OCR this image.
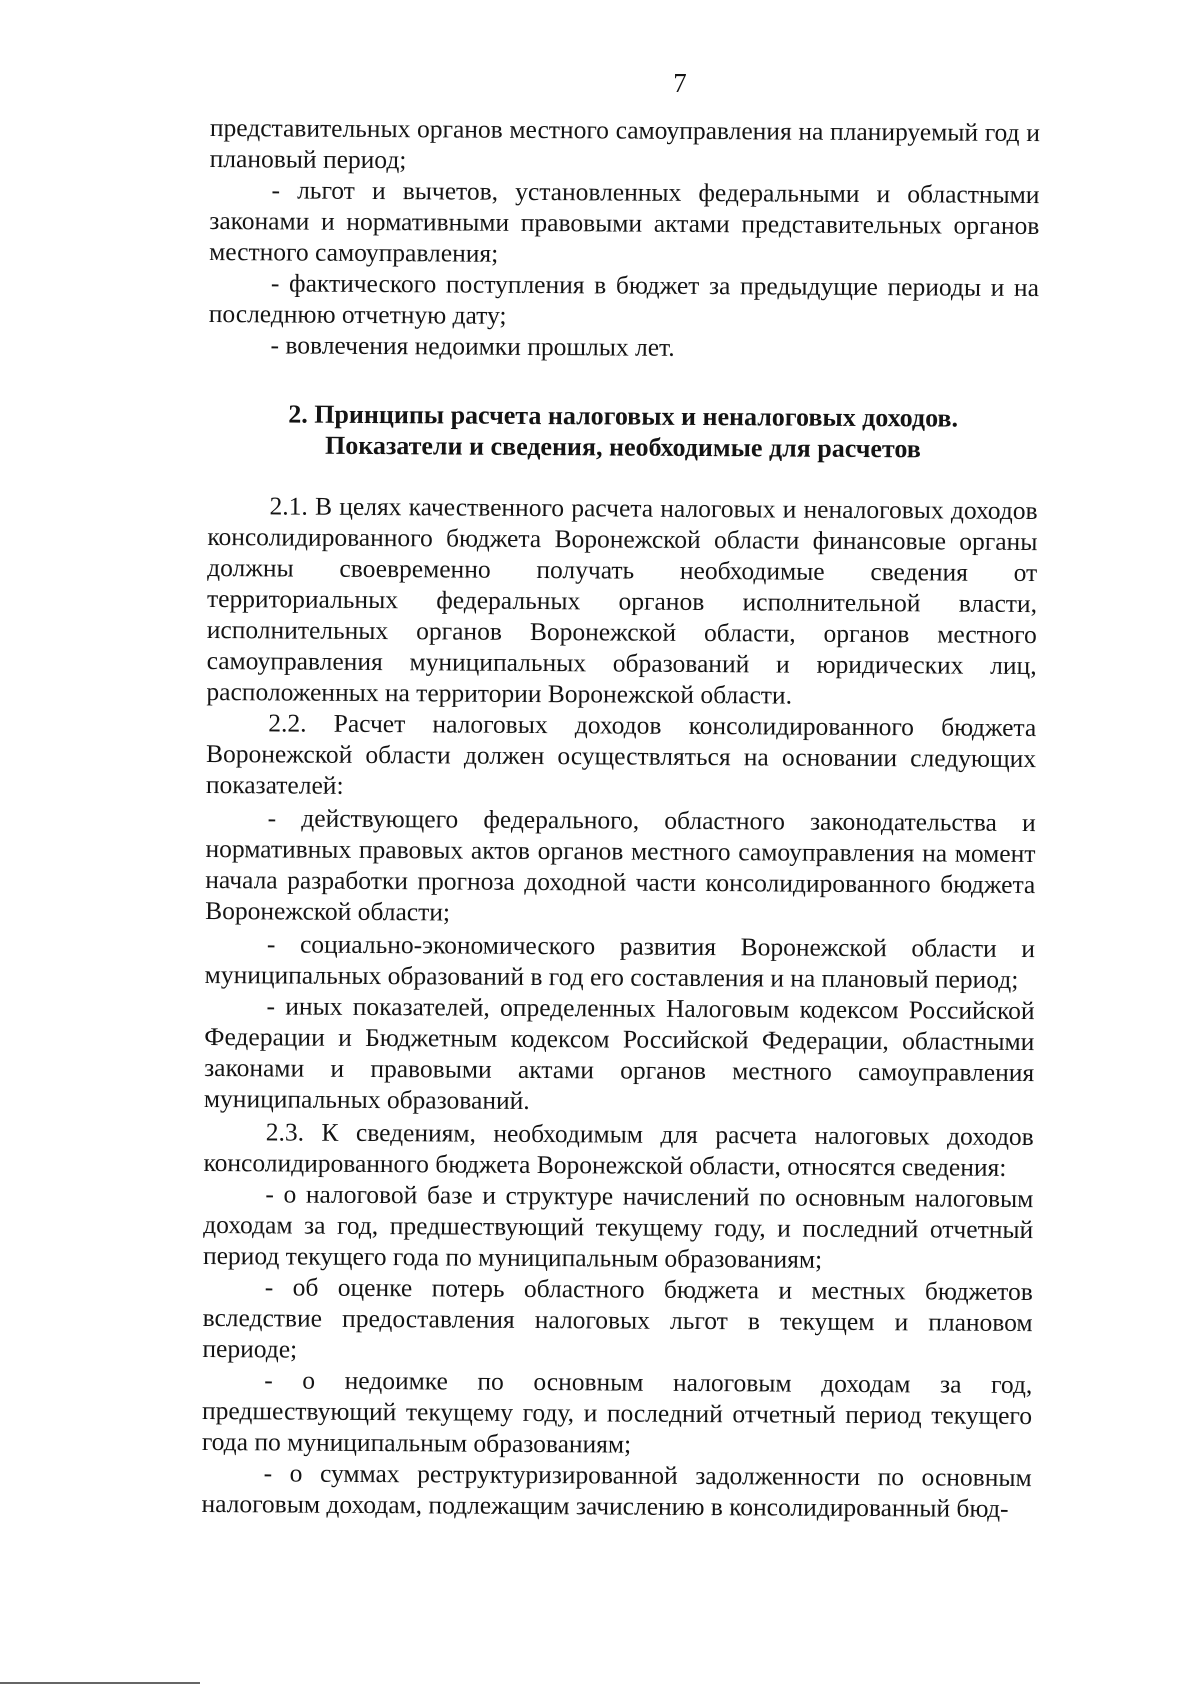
7

представительных органов местного самоуправления на планируемый год и плановый период;

- льгот и вычетов, установленных федеральными и областными законами и нормативными правовыми актами представительных органов местного самоуправления;

- фактического поступления в бюджет за предыдущие периоды и на последнюю отчетную дату;

- вовлечения недоимки прошлых лет.

2. Принципы расчета налоговых и неналоговых доходов.
Показатели и сведения, необходимые для расчетов

2.1. В целях качественного расчета налоговых и неналоговых доходов консолидированного бюджета Воронежской области финансовые органы должны своевременно получать необходимые сведения от территориальных федеральных органов исполнительной власти, исполнительных органов Воронежской области, органов местного самоуправления муниципальных образований и юридических лиц, расположенных на территории Воронежской области.

2.2. Расчет налоговых доходов консолидированного бюджета Воронежской области должен осуществляться на основании следующих показателей:

- действующего федерального, областного законодательства и нормативных правовых актов органов местного самоуправления на момент начала разработки прогноза доходной части консолидированного бюджета Воронежской области;

- социально-экономического развития Воронежской области и муниципальных образований в год его составления и на плановый период;

- иных показателей, определенных Налоговым кодексом Российской Федерации и Бюджетным кодексом Российской Федерации, областными законами и правовыми актами органов местного самоуправления муниципальных образований.

2.3. К сведениям, необходимым для расчета налоговых доходов консолидированного бюджета Воронежской области, относятся сведения:

- о налоговой базе и структуре начислений по основным налоговым доходам за год, предшествующий текущему году, и последний отчетный период текущего года по муниципальным образованиям;

- об оценке потерь областного бюджета и местных бюджетов вследствие предоставления налоговых льгот в текущем и плановом периоде;

- о недоимке по основным налоговым доходам за год, предшествующий текущему году, и последний отчетный период текущего года по муниципальным образованиям;

- о суммах реструктуризированной задолженности по основным налоговым доходам, подлежащим зачислению в консолидированный бюд-
